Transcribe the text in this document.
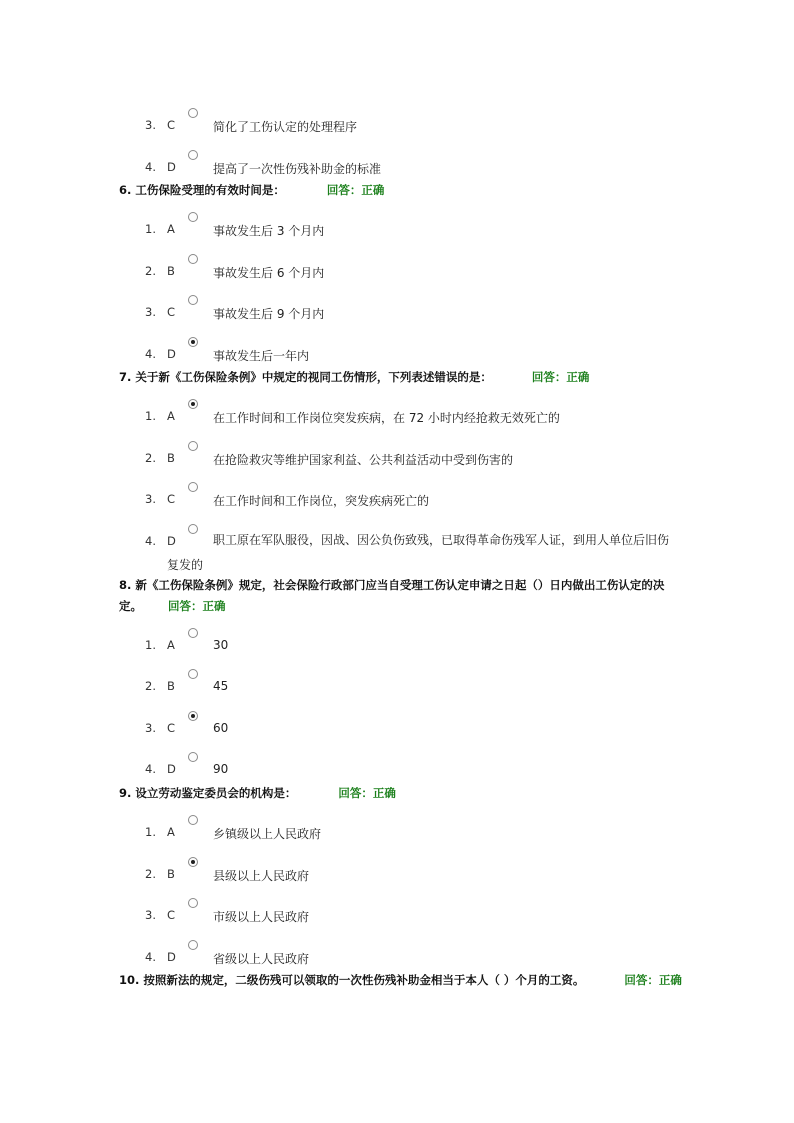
3. C	简化了工伤认定的处理程序
4. D	提高了一次性伤残补助金的标准
6. 工伤保险受理的有效时间是：	回答：正确
1. A	事故发生后 3 个月内
2. B	事故发生后 6 个月内
3. C	事故发生后 9 个月内
4. D	事故发生后一年内
7. 关于新《工伤保险条例》中规定的视同工伤情形，下列表述错误的是：	回答：正确
1. A	在工作时间和工作岗位突发疾病，在 72 小时内经抢救无效死亡的
2. B	在抢险救灾等维护国家利益、公共利益活动中受到伤害的
3. C	在工作时间和工作岗位，突发疾病死亡的
4. D	职工原在军队服役，因战、因公负伤致残，已取得革命伤残军人证，到用人单位后旧伤
复发的
8. 新《工伤保险条例》规定，社会保险行政部门应当自受理工伤认定申请之日起（）日内做出工伤认定的决定。 回答：正确
1. A	30
2. B	45
3. C	60
4. D	90
9. 设立劳动鉴定委员会的机构是：	回答：正确
1. A	乡镇级以上人民政府
2. B	县级以上人民政府
3. C	市级以上人民政府
4. D	省级以上人民政府
10. 按照新法的规定，二级伤残可以领取的一次性伤残补助金相当于本人（ ）个月的工资。	回答：正确
